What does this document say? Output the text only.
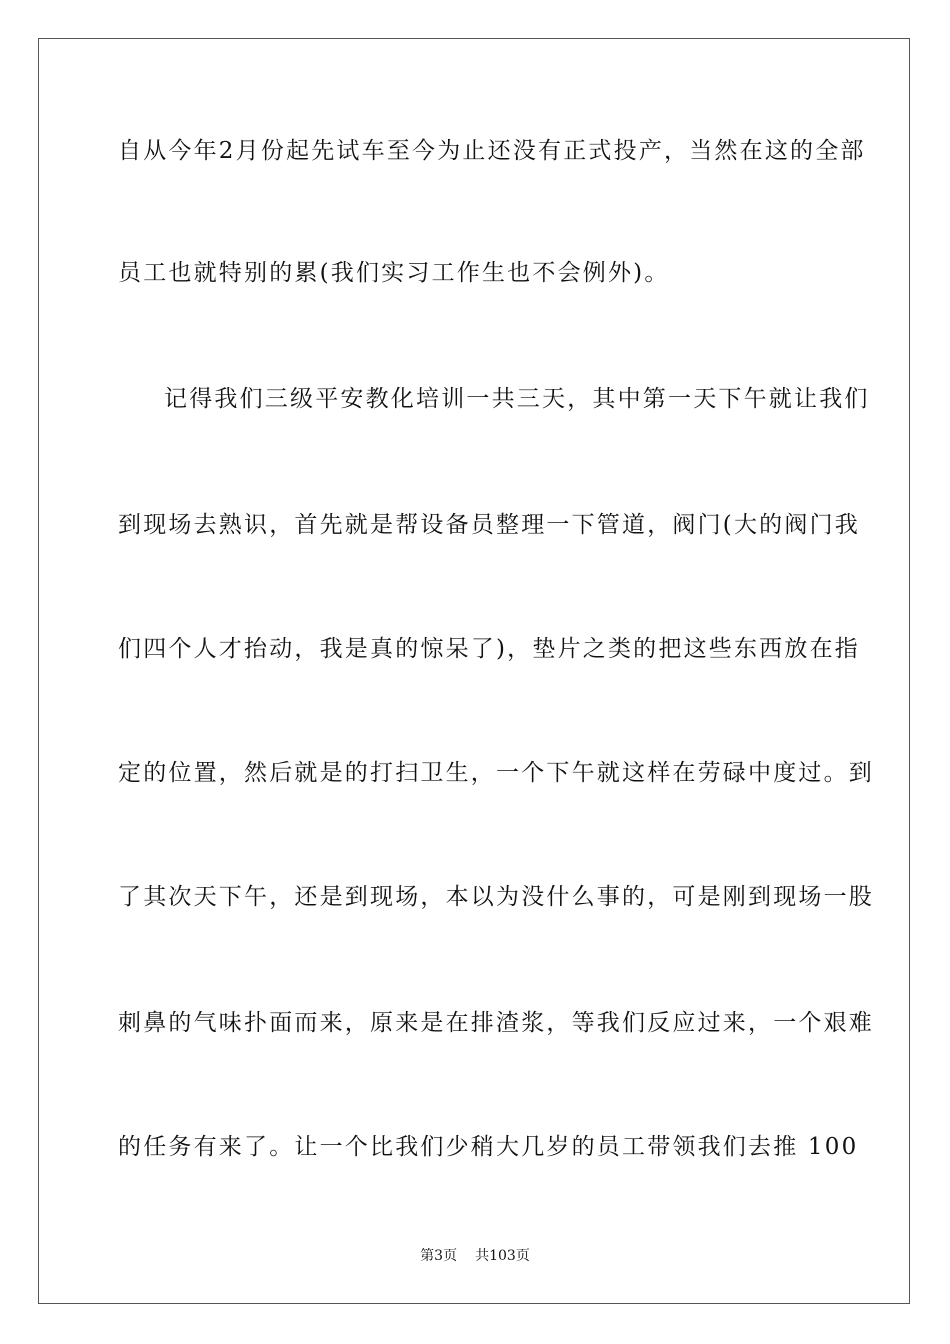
自从今年2月份起先试车至今为止还没有正式投产，当然在这的全部
员工也就特别的累(我们实习工作生也不会例外)。
记得我们三级平安教化培训一共三天，其中第一天下午就让我们
到现场去熟识，首先就是帮设备员整理一下管道，阀门(大的阀门我
们四个人才抬动，我是真的惊呆了)，垫片之类的把这些东西放在指
定的位置，然后就是的打扫卫生，一个下午就这样在劳碌中度过。到
了其次天下午，还是到现场，本以为没什么事的，可是刚到现场一股
刺鼻的气味扑面而来，原来是在排渣浆，等我们反应过来，一个艰难
的任务有来了。让一个比我们少稍大几岁的员工带领我们去推 100
第3页 共103页
